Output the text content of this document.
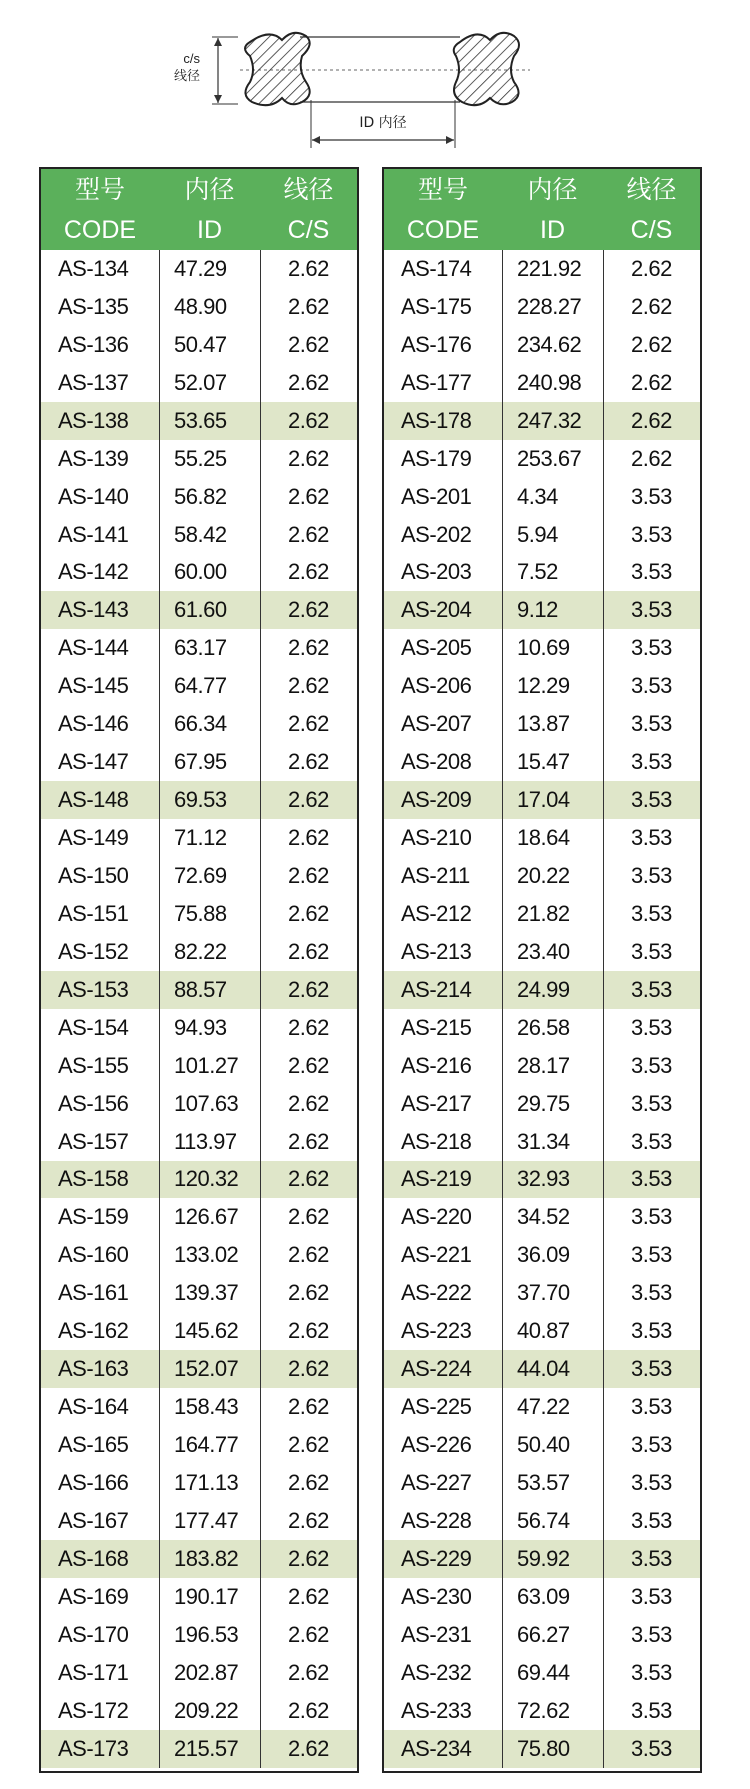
c/s
线径
ID 内径
型号
CODE
内径
ID
线径
C/S
AS-134	47.29	2.62
AS-135	48.90	2.62
AS-136	50.47	2.62
AS-137	52.07	2.62
AS-138	53.65	2.62
AS-139	55.25	2.62
AS-140	56.82	2.62
AS-141	58.42	2.62
AS-142	60.00	2.62
AS-143	61.60	2.62
AS-144	63.17	2.62
AS-145	64.77	2.62
AS-146	66.34	2.62
AS-147	67.95	2.62
AS-148	69.53	2.62
AS-149	71.12	2.62
AS-150	72.69	2.62
AS-151	75.88	2.62
AS-152	82.22	2.62
AS-153	88.57	2.62
AS-154	94.93	2.62
AS-155	101.27	2.62
AS-156	107.63	2.62
AS-157	113.97	2.62
AS-158	120.32	2.62
AS-159	126.67	2.62
AS-160	133.02	2.62
AS-161	139.37	2.62
AS-162	145.62	2.62
AS-163	152.07	2.62
AS-164	158.43	2.62
AS-165	164.77	2.62
AS-166	171.13	2.62
AS-167	177.47	2.62
AS-168	183.82	2.62
AS-169	190.17	2.62
AS-170	196.53	2.62
AS-171	202.87	2.62
AS-172	209.22	2.62
AS-173	215.57	2.62
型号
CODE
内径
ID
线径
C/S
AS-174	221.92	2.62
AS-175	228.27	2.62
AS-176	234.62	2.62
AS-177	240.98	2.62
AS-178	247.32	2.62
AS-179	253.67	2.62
AS-201	4.34	3.53
AS-202	5.94	3.53
AS-203	7.52	3.53
AS-204	9.12	3.53
AS-205	10.69	3.53
AS-206	12.29	3.53
AS-207	13.87	3.53
AS-208	15.47	3.53
AS-209	17.04	3.53
AS-210	18.64	3.53
AS-211	20.22	3.53
AS-212	21.82	3.53
AS-213	23.40	3.53
AS-214	24.99	3.53
AS-215	26.58	3.53
AS-216	28.17	3.53
AS-217	29.75	3.53
AS-218	31.34	3.53
AS-219	32.93	3.53
AS-220	34.52	3.53
AS-221	36.09	3.53
AS-222	37.70	3.53
AS-223	40.87	3.53
AS-224	44.04	3.53
AS-225	47.22	3.53
AS-226	50.40	3.53
AS-227	53.57	3.53
AS-228	56.74	3.53
AS-229	59.92	3.53
AS-230	63.09	3.53
AS-231	66.27	3.53
AS-232	69.44	3.53
AS-233	72.62	3.53
AS-234	75.80	3.53
